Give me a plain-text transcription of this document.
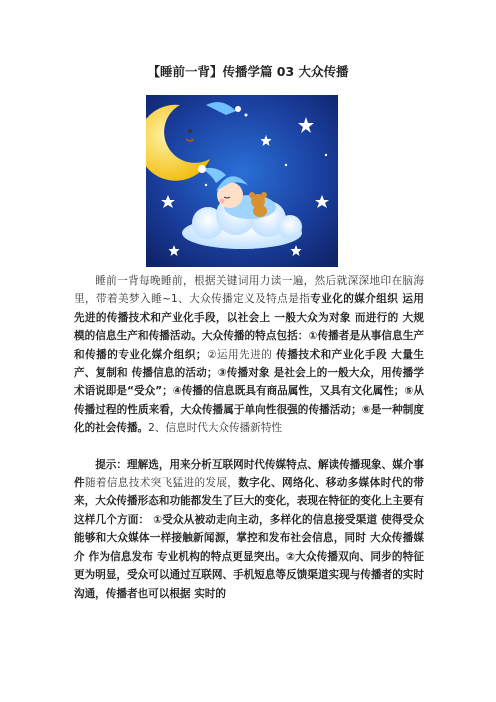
【睡前一背】传播学篇 03 大众传播

睡前一背每晚睡前，根据关键词用力读一遍，然后就深深地印在脑海里，带着美梦入睡~1、大众传播定义及特点是指专业化的媒介组织 运用 先进的传播技术和产业化手段，以社会上 一般大众为对象 而进行的 大规模的信息生产和传播活动。大众传播的特点包括：①传播者是从事信息生产和传播的专业化媒介组织；②运用先进的 传播技术和产业化手段 大量生产、复制和 传播信息的活动；③传播对象 是社会上的一般大众，用传播学术语说即是“受众”；④传播的信息既具有商品属性，又具有文化属性；⑤从传播过程的性质来看，大众传播属于单向性很强的传播活动；⑥是一种制度化的社会传播。2、信息时代大众传播新特性

提示：理解选，用来分析互联网时代传媒特点、解读传播现象、媒介事件随着信息技术突飞猛进的发展，数字化、网络化、移动多媒体时代的带来，大众传播形态和功能都发生了巨大的变化，表现在特征的变化上主要有这样几个方面： ①受众从被动走向主动，多样化的信息接受渠道 使得受众 能够和大众媒体一样接触新闻源，掌控和发布社会信息，同时 大众传播媒介 作为信息发布 专业机构的特点更显突出。②大众传播双向、同步的特征更为明显，受众可以通过互联网、手机短息等反馈渠道实现与传播者的实时沟通，传播者也可以根据 实时的
